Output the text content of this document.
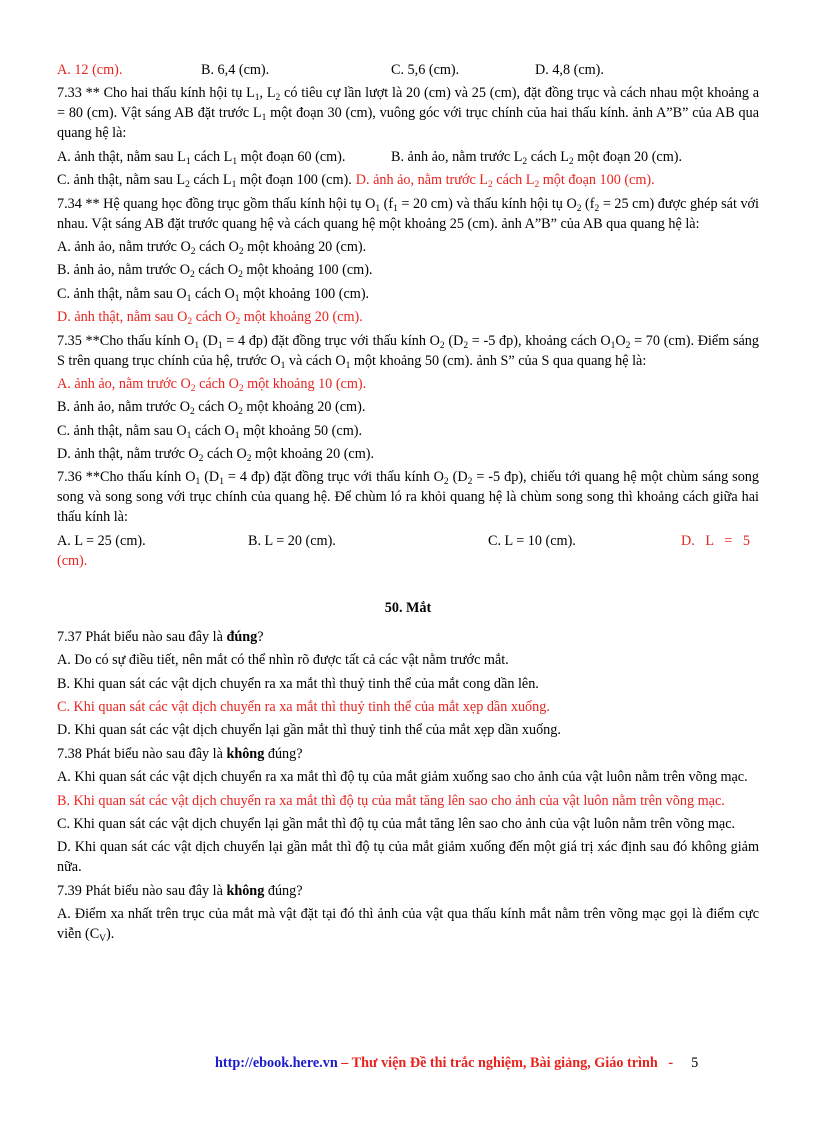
A. 12 (cm).	B. 6,4 (cm).	C. 5,6 (cm).	D. 4,8 (cm).

7.33 ** Cho hai thấu kính hội tụ $L_1$, $L_2$ có tiêu cự lần lượt là 20 (cm) và 25 (cm), đặt đồng trục và cách nhau một khoảng a = 80 (cm). Vật sáng AB đặt trước $L_1$ một đoạn 30 (cm), vuông góc với trục chính của hai thấu kính. ảnh A”B” của AB qua quang hệ là:

A. ảnh thật, nằm sau $L_1$ cách $L_1$ một đoạn 60 (cm).	B. ảnh ảo, nằm trước $L_2$ cách $L_2$ một đoạn 20 (cm).
C. ảnh thật, nằm sau $L_2$ cách $L_1$ một đoạn 100 (cm). D. ảnh ảo, nằm trước $L_2$ cách $L_2$ một đoạn 100 (cm).

7.34 ** Hệ quang học đồng trục gồm thấu kính hội tụ $O_1$ ($f_1 = 20$ cm) và thấu kính hội tụ $O_2$ ($f_2 = 25$ cm) được ghép sát với nhau. Vật sáng AB đặt trước quang hệ và cách quang hệ một khoảng 25 (cm). ảnh A”B” của AB qua quang hệ là:

A. ảnh ảo, nằm trước $O_2$ cách $O_2$ một khoảng 20 (cm).

B. ảnh ảo, nằm trước $O_2$ cách $O_2$ một khoảng 100 (cm).

C. ảnh thật, nằm sau $O_1$ cách $O_1$ một khoảng 100 (cm).

D. ảnh thật, nằm sau $O_2$ cách $O_2$ một khoảng 20 (cm).

7.35 **Cho thấu kính $O_1$ ($D_1 = 4$ đp) đặt đồng trục với thấu kính $O_2$ ($D_2 = -5$ đp), khoảng cách $O_1O_2 = 70$ (cm). Điểm sáng S trên quang trục chính của hệ, trước $O_1$ và cách $O_1$ một khoảng 50 (cm). ảnh S” của S qua quang hệ là:

A. ảnh ảo, nằm trước $O_2$ cách $O_2$ một khoảng 10 (cm).

B. ảnh ảo, nằm trước $O_2$ cách $O_2$ một khoảng 20 (cm).

C. ảnh thật, nằm sau $O_1$ cách $O_1$ một khoảng 50 (cm).

D. ảnh thật, nằm trước $O_2$ cách $O_2$ một khoảng 20 (cm).

7.36 **Cho thấu kính $O_1$ ($D_1 = 4$ đp) đặt đồng trục với thấu kính $O_2$ ($D_2 = -5$ đp), chiếu tới quang hệ một chùm sáng song song và song song với trục chính của quang hệ. Để chùm ló ra khỏi quang hệ là chùm song song thì khoảng cách giữa hai thấu kính là:

A. L = 25 (cm).	B. L = 20 (cm).	C. L = 10 (cm).	D.   L   =   5

(cm).

50. Mắt

7.37 Phát biểu nào sau đây là đúng?

A. Do có sự điều tiết, nên mắt có thể nhìn rõ được tất cả các vật nằm trước mắt.

B. Khi quan sát các vật dịch chuyển ra xa mắt thì thuỷ tinh thể của mắt cong dần lên.

C. Khi quan sát các vật dịch chuyển ra xa mắt thì thuỷ tinh thể của mắt xẹp dần xuống.

D. Khi quan sát các vật dịch chuyển lại gần mắt thì thuỷ tinh thể của mắt xẹp dần xuống.

7.38 Phát biểu nào sau đây là không đúng?

A. Khi quan sát các vật dịch chuyển ra xa mắt thì độ tụ của mắt giảm xuống sao cho ảnh của vật luôn nằm trên võng mạc.

B. Khi quan sát các vật dịch chuyển ra xa mắt thì độ tụ của mắt tăng lên sao cho ảnh của vật luôn nằm trên võng mạc.

C. Khi quan sát các vật dịch chuyển lại gần mắt thì độ tụ của mắt tăng lên sao cho ảnh của vật luôn nằm trên võng mạc.

D. Khi quan sát các vật dịch chuyển lại gần mắt thì độ tụ của mắt giảm xuống đến một giá trị xác định sau đó không giảm nữa.

7.39 Phát biểu nào sau đây là không đúng?

A. Điểm xa nhất trên trục của mắt mà vật đặt tại đó thì ảnh của vật qua thấu kính mắt nằm trên võng mạc gọi là điểm cực viễn $(C_V)$.

http://ebook.here.vn – Thư viện Đề thi trắc nghiệm, Bài giảng, Giáo trình   - 5
